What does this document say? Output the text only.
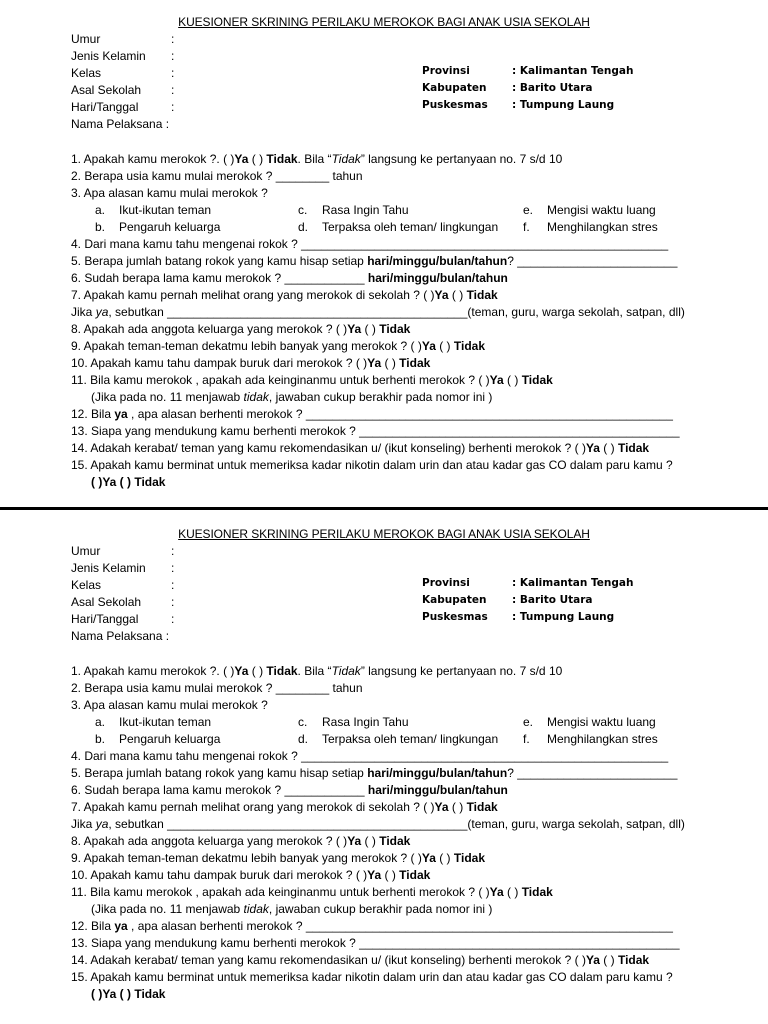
KUESIONER SKRINING PERILAKU MEROKOK BAGI ANAK USIA SEKOLAH
Umur	:
Jenis Kelamin :
Kelas	:
Asal Sekolah :
Hari/Tanggal	:
Nama Pelaksana :
Provinsi	: Kalimantan Tengah
Kabupaten : Barito Utara
Puskesmas : Tumpung Laung
1. Apakah kamu merokok ?. ( )Ya ( ) Tidak. Bila “Tidak” langsung ke pertanyaan no. 7 s/d 10
2. Berapa usia kamu mulai merokok ? ________ tahun
3. Apa alasan kamu mulai merokok ?
a. Ikut-ikutan teman	c. Rasa Ingin Tahu	e. Mengisi waktu luang
b. Pengaruh keluarga	d. Terpaksa oleh teman/ lingkungan f. Menghilangkan stres
4. Dari mana kamu tahu mengenai rokok ? _______________________________________________________
5. Berapa jumlah batang rokok yang kamu hisap setiap hari/minggu/bulan/tahun? ________________________
6. Sudah berapa lama kamu merokok ? ____________ hari/minggu/bulan/tahun
7. Apakah kamu pernah melihat orang yang merokok di sekolah ? ( )Ya ( ) Tidak
Jika ya, sebutkan _____________________________________________(teman, guru, warga sekolah, satpan, dll)
8. Apakah ada anggota keluarga yang merokok ? ( )Ya ( ) Tidak
9. Apakah teman-teman dekatmu lebih banyak yang merokok ? ( )Ya ( ) Tidak
10. Apakah kamu tahu dampak buruk dari merokok ? ( )Ya ( ) Tidak
11. Bila kamu merokok , apakah ada keinginanmu untuk berhenti merokok ? ( )Ya ( ) Tidak
(Jika pada no. 11 menjawab tidak, jawaban cukup berakhir pada nomor ini )
12. Bila ya , apa alasan berhenti merokok ? _______________________________________________________
13. Siapa yang mendukung kamu berhenti merokok ? ________________________________________________
14. Adakah kerabat/ teman yang kamu rekomendasikan u/ (ikut konseling) berhenti merokok ? ( )Ya ( ) Tidak
15. Apakah kamu berminat untuk memeriksa kadar nikotin dalam urin dan atau kadar gas CO dalam paru kamu ?
( )Ya ( ) Tidak
KUESIONER SKRINING PERILAKU MEROKOK BAGI ANAK USIA SEKOLAH
Umur	:
Jenis Kelamin :
Kelas	:
Asal Sekolah :
Hari/Tanggal	:
Nama Pelaksana :
Provinsi	: Kalimantan Tengah
Kabupaten : Barito Utara
Puskesmas : Tumpung Laung
1. Apakah kamu merokok ?. ( )Ya ( ) Tidak. Bila “Tidak” langsung ke pertanyaan no. 7 s/d 10
2. Berapa usia kamu mulai merokok ? ________ tahun
3. Apa alasan kamu mulai merokok ?
a. Ikut-ikutan teman	c. Rasa Ingin Tahu	e. Mengisi waktu luang
b. Pengaruh keluarga	d. Terpaksa oleh teman/ lingkungan f. Menghilangkan stres
4. Dari mana kamu tahu mengenai rokok ? _______________________________________________________
5. Berapa jumlah batang rokok yang kamu hisap setiap hari/minggu/bulan/tahun? ________________________
6. Sudah berapa lama kamu merokok ? ____________ hari/minggu/bulan/tahun
7. Apakah kamu pernah melihat orang yang merokok di sekolah ? ( )Ya ( ) Tidak
Jika ya, sebutkan _____________________________________________(teman, guru, warga sekolah, satpan, dll)
8. Apakah ada anggota keluarga yang merokok ? ( )Ya ( ) Tidak
9. Apakah teman-teman dekatmu lebih banyak yang merokok ? ( )Ya ( ) Tidak
10. Apakah kamu tahu dampak buruk dari merokok ? ( )Ya ( ) Tidak
11. Bila kamu merokok , apakah ada keinginanmu untuk berhenti merokok ? ( )Ya ( ) Tidak
(Jika pada no. 11 menjawab tidak, jawaban cukup berakhir pada nomor ini )
12. Bila ya , apa alasan berhenti merokok ? _______________________________________________________
13. Siapa yang mendukung kamu berhenti merokok ? ________________________________________________
14. Adakah kerabat/ teman yang kamu rekomendasikan u/ (ikut konseling) berhenti merokok ? ( )Ya ( ) Tidak
15. Apakah kamu berminat untuk memeriksa kadar nikotin dalam urin dan atau kadar gas CO dalam paru kamu ?
( )Ya ( ) Tidak
